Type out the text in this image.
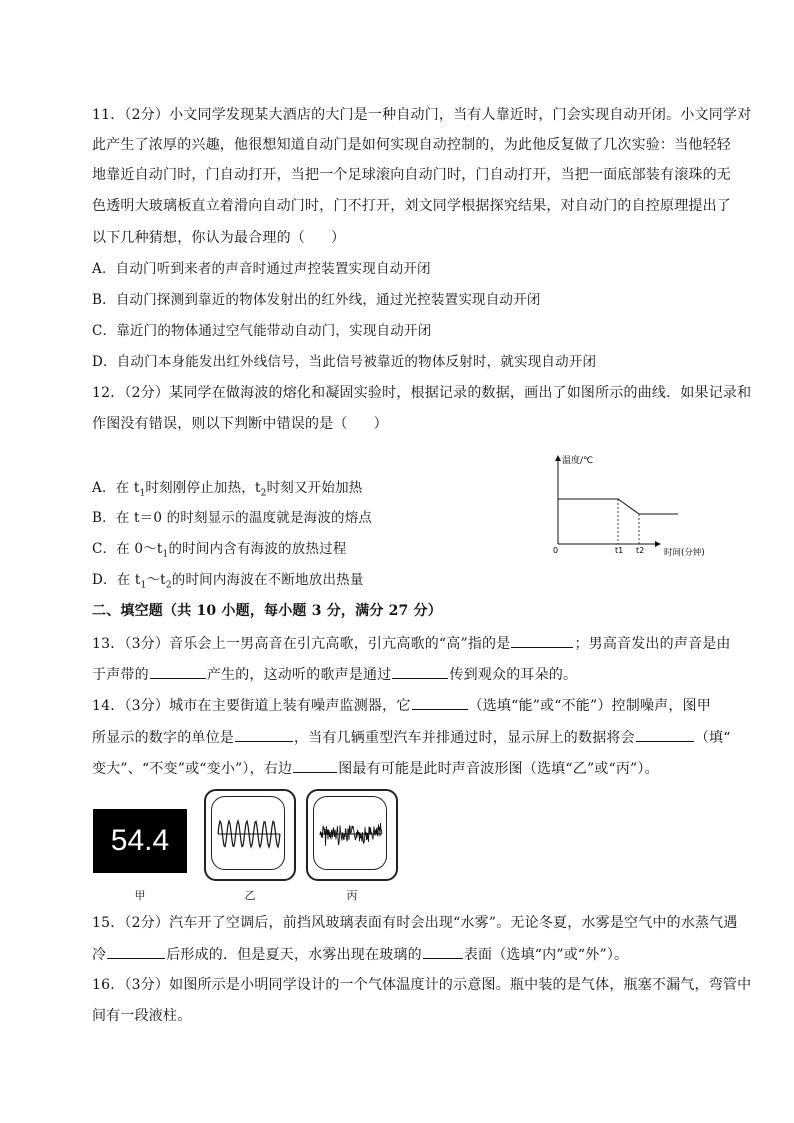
11．（2分）小文同学发现某大酒店的大门是一种自动门，当有人靠近时，门会实现自动开闭。小文同学对
此产生了浓厚的兴趣，他很想知道自动门是如何实现自动控制的，为此他反复做了几次实验：当他轻轻
地靠近自动门时，门自动打开，当把一个足球滚向自动门时，门自动打开，当把一面底部装有滚珠的无
色透明大玻璃板直立着滑向自动门时，门不打开，刘文同学根据探究结果，对自动门的自控原理提出了
以下几种猜想，你认为最合理的（ ）
A．自动门听到来者的声音时通过声控装置实现自动开闭
B．自动门探测到靠近的物体发射出的红外线，通过光控装置实现自动开闭
C．靠近门的物体通过空气能带动自动门，实现自动开闭
D．自动门本身能发出红外线信号，当此信号被靠近的物体反射时，就实现自动开闭
12．（2分）某同学在做海波的熔化和凝固实验时，根据记录的数据，画出了如图所示的曲线．如果记录和
作图没有错误，则以下判断中错误的是（ ）
A．在 $t_1$时刻刚停止加热，$t_2$时刻又开始加热
B．在 t＝0 的时刻显示的温度就是海波的熔点
C．在 $0\sim t_1$的时间内含有海波的放热过程
D．在 $t_1\sim t_2$的时间内海波在不断地放出热量
温度/℃
时间(分钟)
0	t1 t2
二、填空题（共 10 小题，每小题 3 分，满分 27 分）
13．（3分）音乐会上一男高音在引亢高歌，引亢高歌的“高”指的是	；男高音发出的声音是由
于声带的	产生的，这动听的歌声是通过	传到观众的耳朵的。
14．（3分）城市在主要街道上装有噪声监测器，它	（选填“能”或“不能”）控制噪声，图甲
所显示的数字的单位是	，当有几辆重型汽车并排通过时，显示屏上的数据将会	（填“
变大”、“不变”或“变小”），右边	图最有可能是此时声音波形图（选填“乙”或“丙”）。
54.4
甲	乙	丙
15．（2分）汽车开了空调后，前挡风玻璃表面有时会出现“水雾”。无论冬夏，水雾是空气中的水蒸气遇
冷	后形成的．但是夏天，水雾出现在玻璃的	表面（选填“内”或“外”）。
16．（3分）如图所示是小明同学设计的一个气体温度计的示意图。瓶中装的是气体，瓶塞不漏气，弯管中
间有一段液柱。
